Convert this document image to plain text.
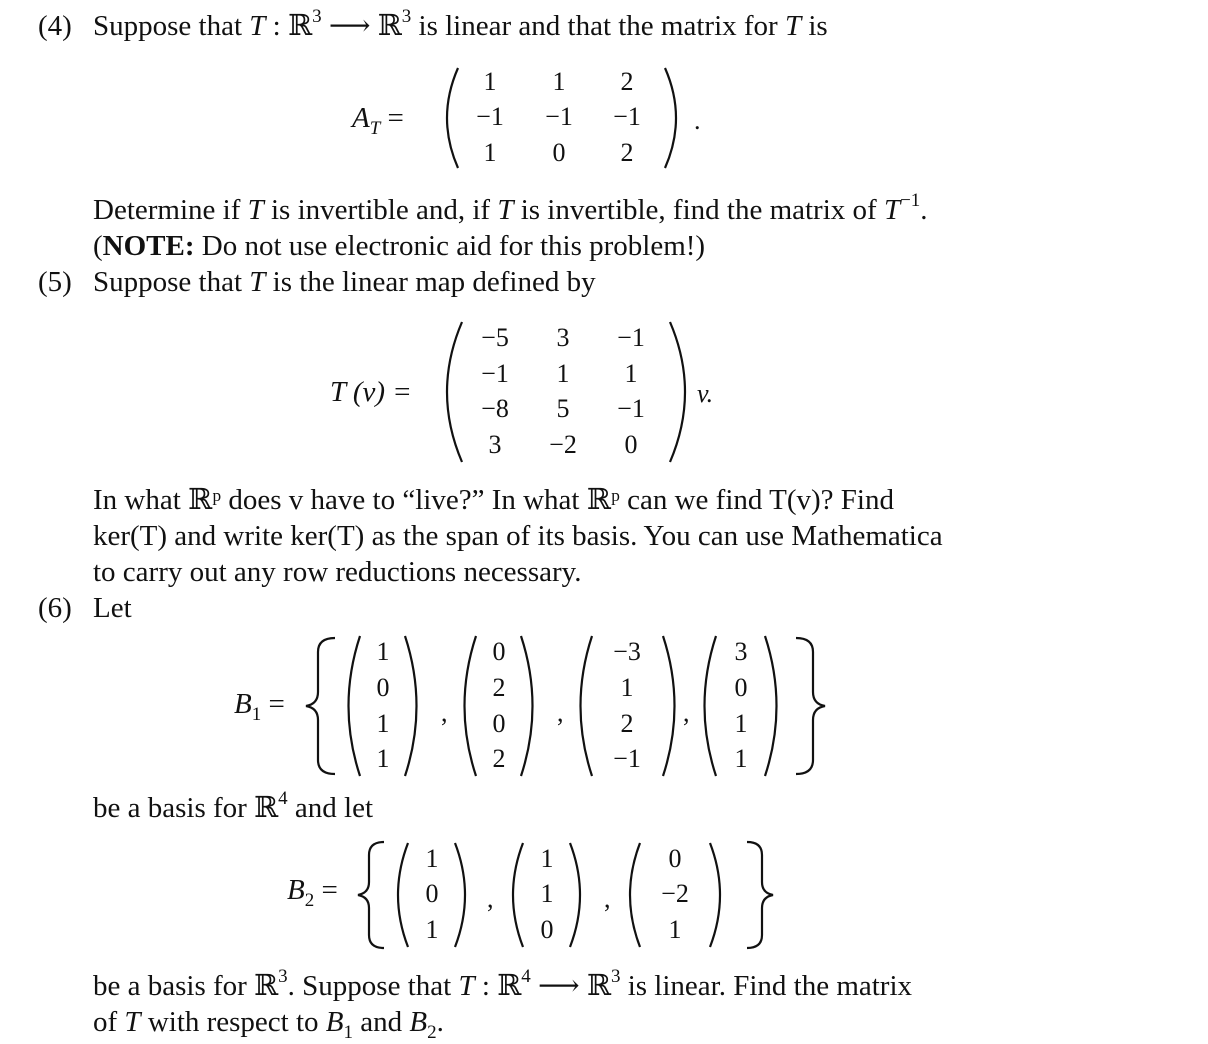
(4) Suppose that T : ℝ$^3$ ⟶ ℝ$^3$ is linear and that the matrix for T is
$A_T$ =
1	1	2
−1	−1	−1
1	0	2
.
Determine if T is invertible and, if T is invertible, find the matrix of $T^{-1}$.
(NOTE: Do not use electronic aid for this problem!)
(5) Suppose that T is the linear map defined by
T (v) =
−5	3	−1
−1	1	1
−8	5	−1
3	−2	0
v.
In what ℝᵖ does v have to “live?” In what ℝᵖ can we find T(v)? Find
ker(T) and write ker(T) as the span of its basis. You can use Mathematica
to carry out any row reductions necessary.
(6) Let
$B_1$ =
1
0
1
1
,
0
2
0
2
,
−3
1
2
−1
,
3
0
1
1
be a basis for ℝ$^4$ and let
$B_2$ =
1
0
1
,
1
1
0
,
0
−2
1
be a basis for ℝ$^3$. Suppose that T : ℝ$^4$ ⟶ ℝ$^3$ is linear. Find the matrix
of T with respect to $B_1$ and $B_2$.
